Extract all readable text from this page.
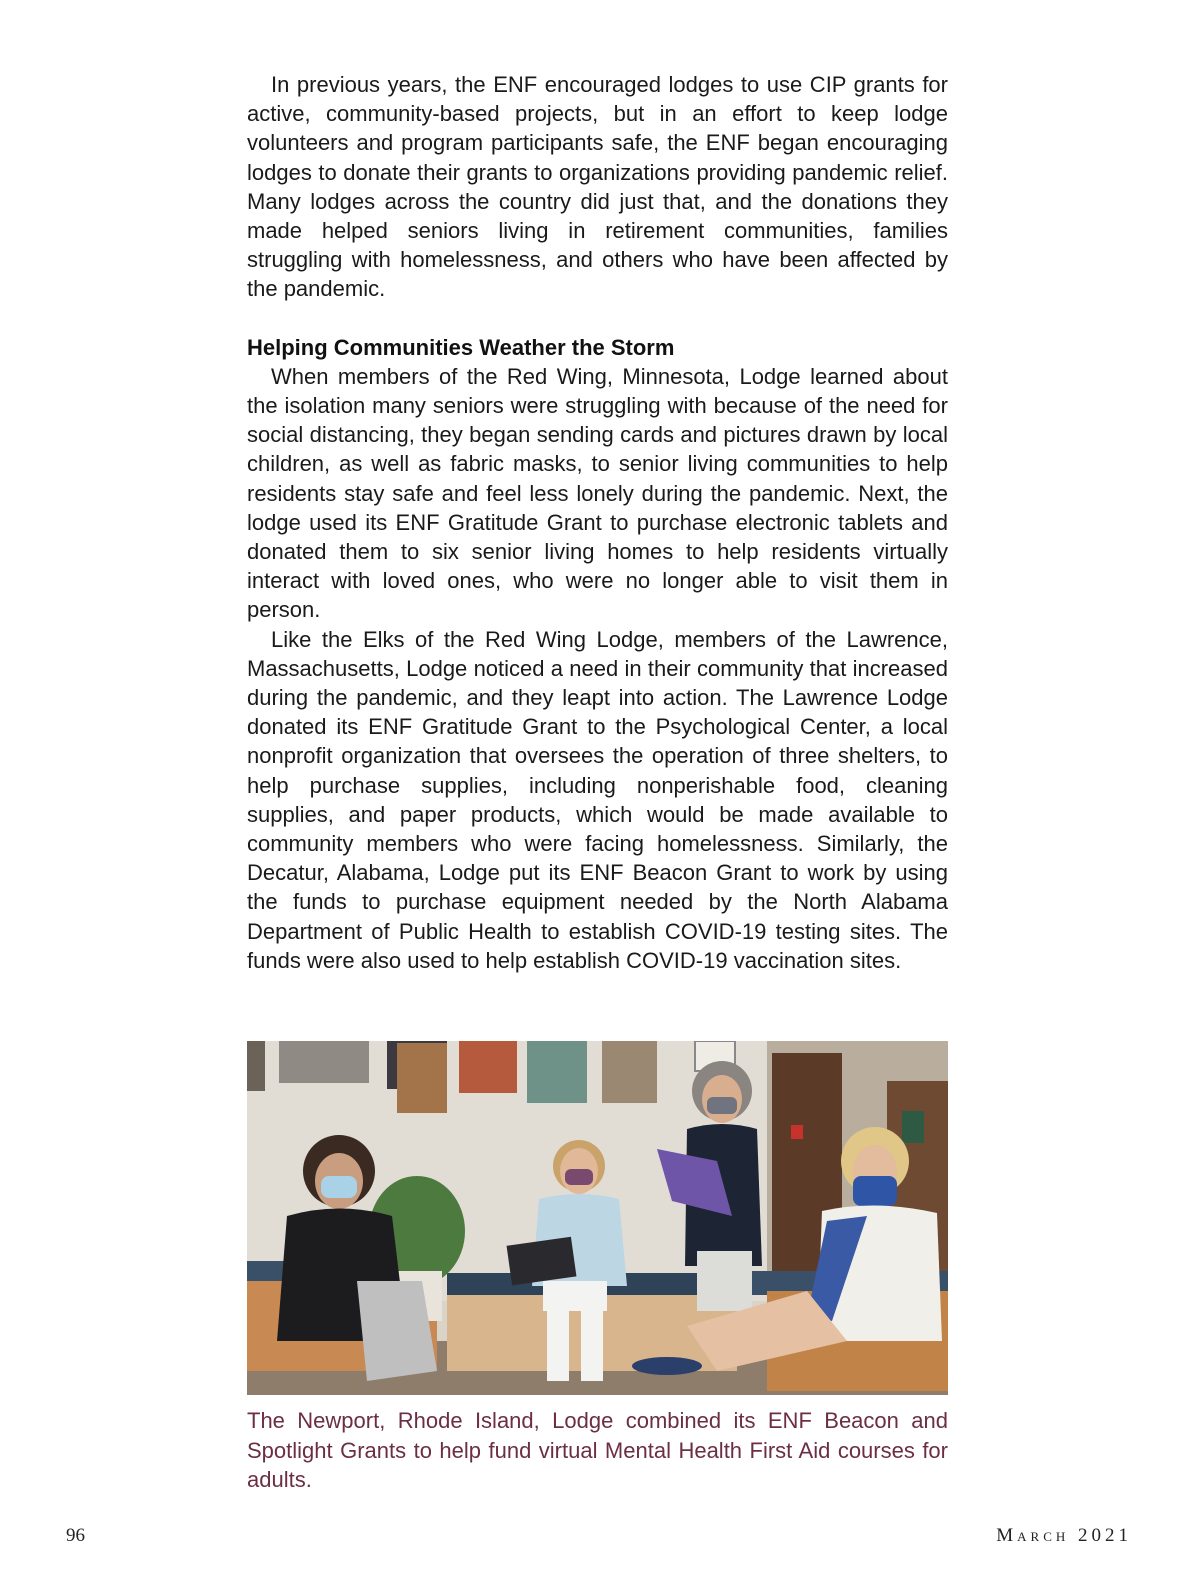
In previous years, the ENF encouraged lodges to use CIP grants for active, community-based projects, but in an effort to keep lodge volunteers and program participants safe, the ENF began encouraging lodges to donate their grants to organizations providing pandemic relief. Many lodges across the country did just that, and the donations they made helped seniors living in retirement communities, families struggling with homelessness, and others who have been affected by the pandemic.

Helping Communities Weather the Storm

When members of the Red Wing, Minnesota, Lodge learned about the isolation many seniors were struggling with because of the need for social distancing, they began sending cards and pictures drawn by local children, as well as fabric masks, to senior living communities to help residents stay safe and feel less lonely during the pandemic. Next, the lodge used its ENF Gratitude Grant to purchase electronic tablets and donated them to six senior living homes to help residents virtually interact with loved ones, who were no longer able to visit them in person.

Like the Elks of the Red Wing Lodge, members of the Lawrence, Massachusetts, Lodge noticed a need in their community that increased during the pandemic, and they leapt into action. The Lawrence Lodge donated its ENF Gratitude Grant to the Psychological Center, a local nonprofit organization that oversees the operation of three shelters, to help purchase supplies, including nonperishable food, cleaning supplies, and paper products, which would be made available to community members who were facing homelessness. Similarly, the Decatur, Alabama, Lodge put its ENF Beacon Grant to work by using the funds to purchase equipment needed by the North Alabama Department of Public Health to establish COVID-19 testing sites. The funds were also used to help establish COVID-19 vaccination sites.

The Newport, Rhode Island, Lodge combined its ENF Beacon and Spotlight Grants to help fund virtual Mental Health First Aid courses for adults.

96	March 2021
